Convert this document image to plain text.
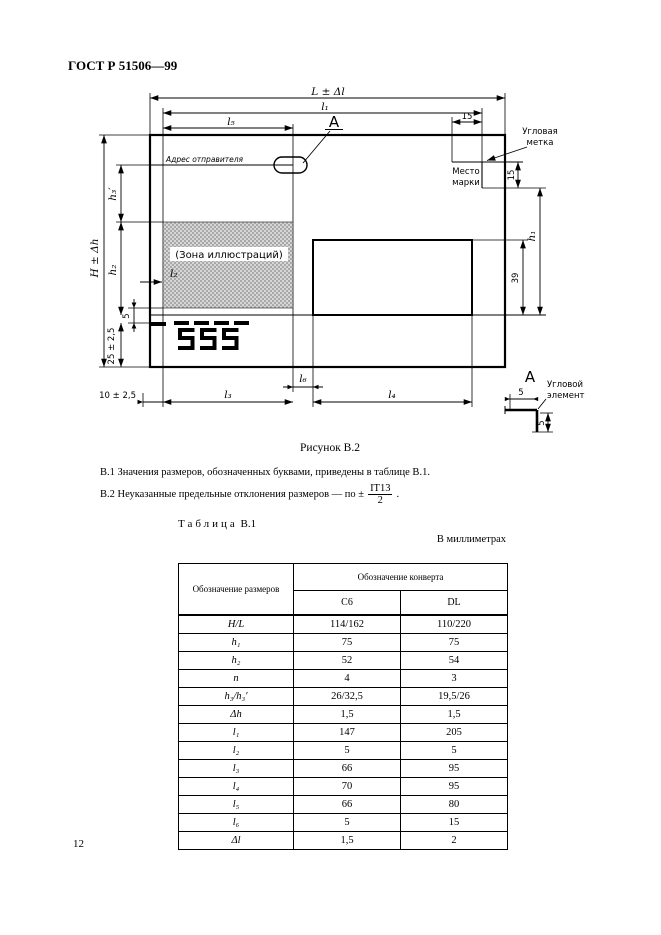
ГОСТ Р 51506—99
Адрес отправителя
(Зона иллюстраций)
Место
марки
Угловая
метка
А
L ± Δl
l₁
l₅	15
H ± Δh
h₃′
h₂
5
25 ± 2,5
l₂
15
h₁
39
10 ± 2,5	l₃	l₄
l₆	А Угловой
элемент
5
5
Рисунок В.2
В.1 Значения размеров, обозначенных буквами, приведены в таблице В.1.
В.2 Неуказанные предельные отклонения размеров — по ± $\frac{IT13}{2}$ .
Таблица В.1
В миллиметрах
Обозначение размеров	Обозначение конверта	
	С6	DL
H/L	114/162	110/220
h₁	75	75
h₂	52	54
n	4	3
h₃/h₃′	26/32,5	19,5/26
Δh	1,5	1,5
l₁	147	205
l₂	5	5
l₃	66	95
l₄	70	95
l₅	66	80
l₆	5	15
Δl	1,5	2
12
